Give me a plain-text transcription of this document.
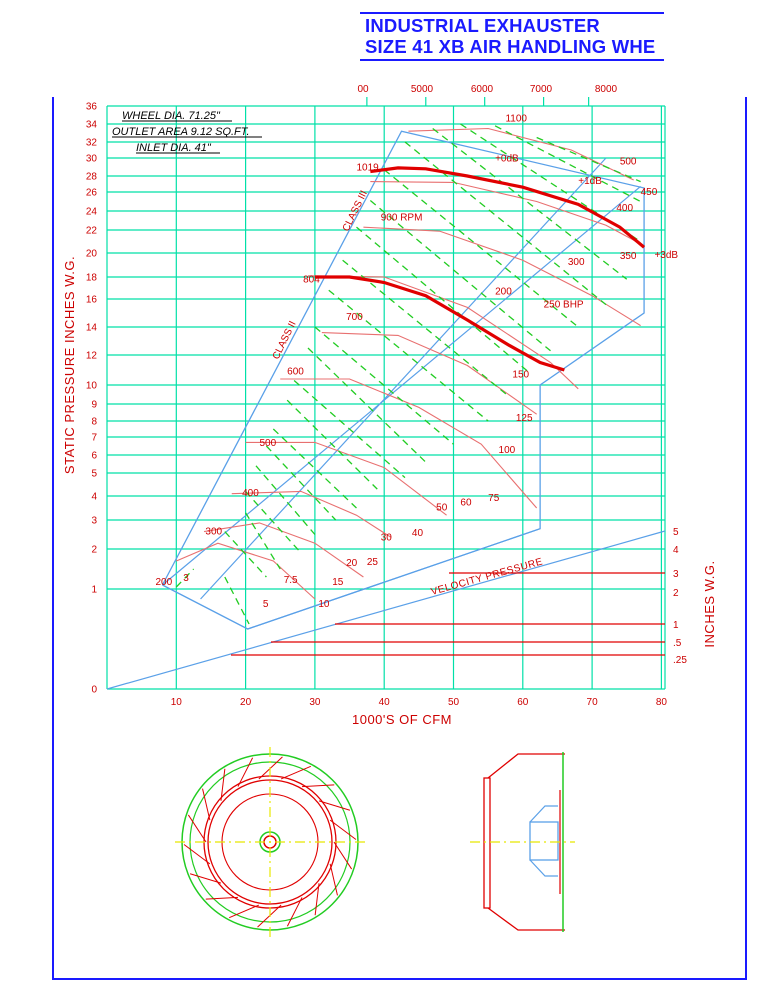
INDUSTRIAL EXHAUSTER
SIZE 41 XB AIR HANDLING WHE
0
1
2
3
4
5
6
7
8
9
10
12
14
16
18
20
22
24
26
28
30
32
34
36
10	20	30	40	50	60	70	80
00	5000	6000	7000	8000
5
4
3
2
1
.5
.25
200
300
400
500
600
700
804
900 RPM
1019
1100
3
5
7.5
10
15
20 25
30 40
50 60 75
100
125
150
200
250 BHP
300
350
400
450
500
+0dB
+1dB
+3dB
CLASS III
CLASS II
VELOCITY PRESSURE
WHEEL DIA. 71.25"
OUTLET AREA 9.12 SQ.FT.
INLET DIA. 41"
1000'S OF CFM
STATIC PRESSURE INCHES W.G.
INCHES W.G.
